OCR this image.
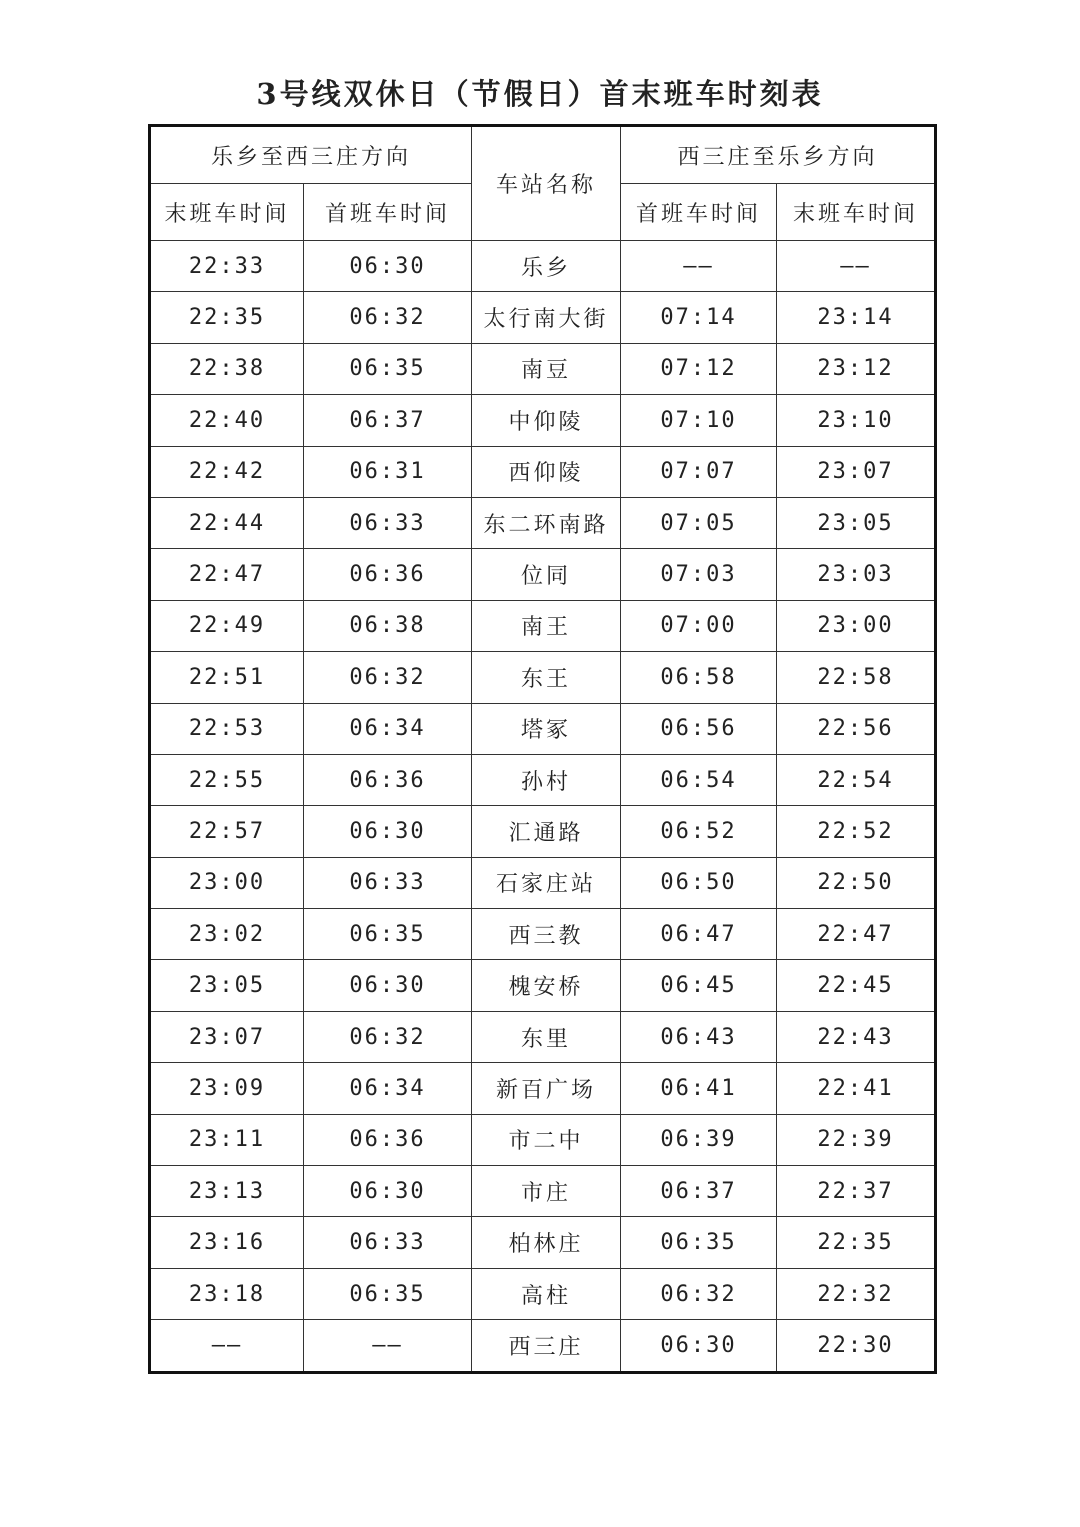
3号线双休日（节假日）首末班车时刻表
乐乡至西三庄方向		车站名称	西三庄至乐乡方向	
末班车时间	首班车时间		首班车时间	末班车时间
22:33	06:30	乐乡	——	——
22:35	06:32	太行南大街	07:14	23:14
22:38	06:35	南豆	07:12	23:12
22:40	06:37	中仰陵	07:10	23:10
22:42	06:31	西仰陵	07:07	23:07
22:44	06:33	东二环南路	07:05	23:05
22:47	06:36	位同	07:03	23:03
22:49	06:38	南王	07:00	23:00
22:51	06:32	东王	06:58	22:58
22:53	06:34	塔冢	06:56	22:56
22:55	06:36	孙村	06:54	22:54
22:57	06:30	汇通路	06:52	22:52
23:00	06:33	石家庄站	06:50	22:50
23:02	06:35	西三教	06:47	22:47
23:05	06:30	槐安桥	06:45	22:45
23:07	06:32	东里	06:43	22:43
23:09	06:34	新百广场	06:41	22:41
23:11	06:36	市二中	06:39	22:39
23:13	06:30	市庄	06:37	22:37
23:16	06:33	柏林庄	06:35	22:35
23:18	06:35	高柱	06:32	22:32
——	——	西三庄	06:30	22:30
